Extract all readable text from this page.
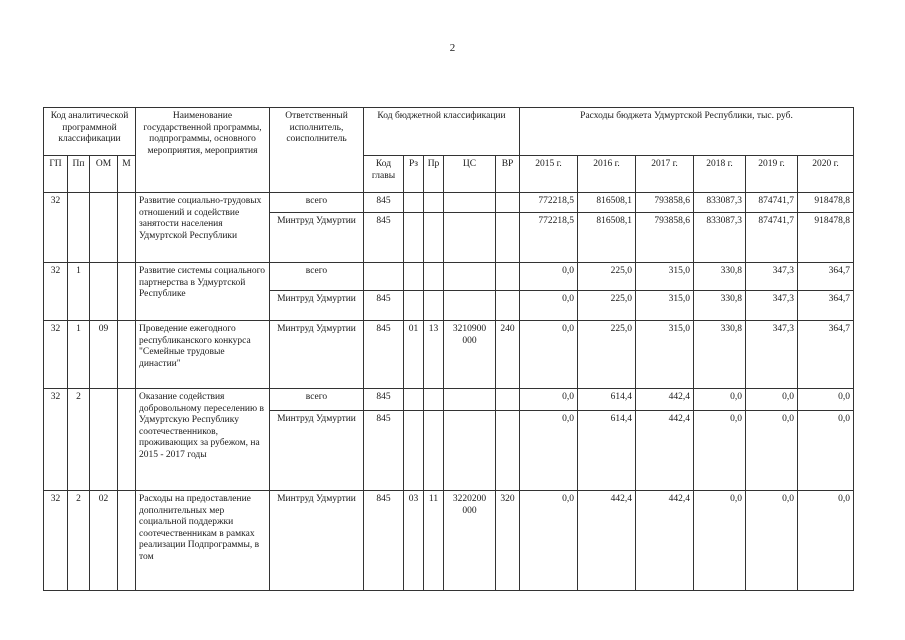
2
Код аналитической программной классификации				Наименование государственной программы, подпрограммы, основного мероприятия, мероприятия	Ответственный исполнитель, соисполнитель	Код бюджетной классификации					Расходы бюджета Удмуртской Республики, тыс. руб.					
ГП	Пп	ОМ	М			Код главы	Рз	Пр	ЦС	ВР	2015 г.	2016 г.	2017 г.	2018 г.	2019 г.	2020 г.
32				Развитие социально-трудовых отношений и содействие занятости населения Удмуртской Республики	всего	845					772218,5	816508,1	793858,6	833087,3	874741,7	918478,8
					Минтруд Удмуртии	845					772218,5	816508,1	793858,6	833087,3	874741,7	918478,8
32	1			Развитие системы социального партнерства в Удмуртской Республике	всего						0,0	225,0	315,0	330,8	347,3	364,7
					Минтруд Удмуртии	845					0,0	225,0	315,0	330,8	347,3	364,7
32	1	09		Проведение ежегодного республиканского конкурса "Семейные трудовые династии"	Минтруд Удмуртии	845	01	13	3210900 000	240	0,0	225,0	315,0	330,8	347,3	364,7
32	2			Оказание содействия добровольному переселению в Удмуртскую Республику соотечественников, проживающих за рубежом, на 2015 - 2017 годы	всего	845					0,0	614,4	442,4	0,0	0,0	0,0
					Минтруд Удмуртии	845					0,0	614,4	442,4	0,0	0,0	0,0
32	2	02		Расходы на предоставление дополнительных мер социальной поддержки соотечественникам в рамках реализации Подпрограммы, в том	Минтруд Удмуртии	845	03	11	3220200 000	320	0,0	442,4	442,4	0,0	0,0	0,0
